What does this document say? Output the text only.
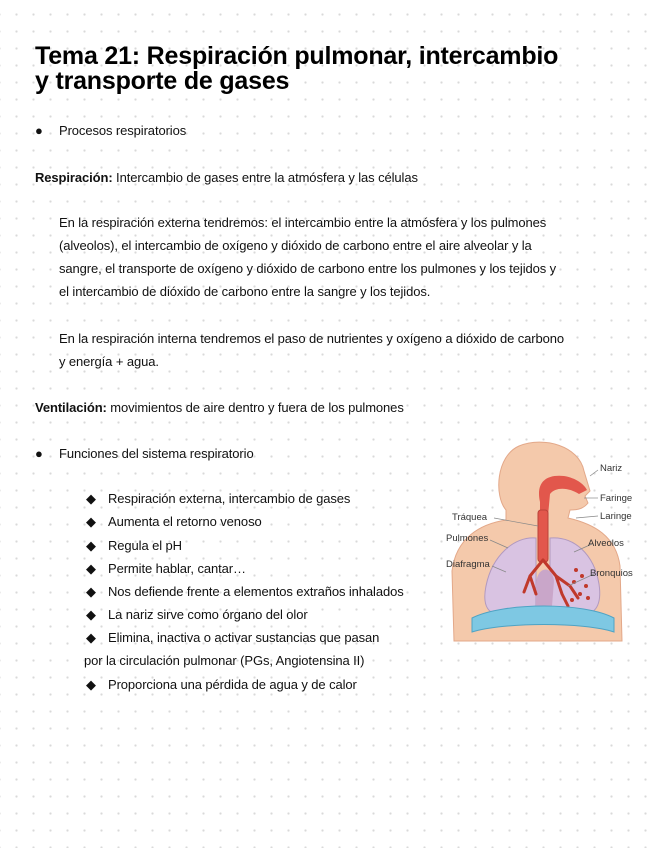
Tema 21: Respiración pulmonar, intercambio
y transporte de gases
● Procesos respiratorios
Respiración: Intercambio de gases entre la atmósfera y las células
En la respiración externa tendremos: el intercambio entre la atmósfera y los pulmones
(alveolos), el intercambio de oxígeno y dióxido de carbono entre el aire alveolar y la
sangre, el transporte de oxígeno y dióxido de carbono entre los pulmones y los tejidos y
el intercambio de dióxido de carbono entre la sangre y los tejidos.
En la respiración interna tendremos el paso de nutrientes y oxígeno a dióxido de carbono
y energía + agua.
Ventilación: movimientos de aire dentro y fuera de los pulmones
● Funciones del sistema respiratorio
◆ Respiración externa, intercambio de gases
◆ Aumenta el retorno venoso
◆ Regula el pH
◆ Permite hablar, cantar…
◆ Nos defiende frente a elementos extraños inhalados
◆ La nariz sirve como órgano del olor
◆ Elimina, inactiva o activar sustancias que pasan
por la circulación pulmonar (PGs, Angiotensina II)
◆ Proporciona una pérdida de agua y de calor
Nariz
Faringe
Laringe
Tráquea
Pulmones	Alveolos
Diafragma
Bronquios
